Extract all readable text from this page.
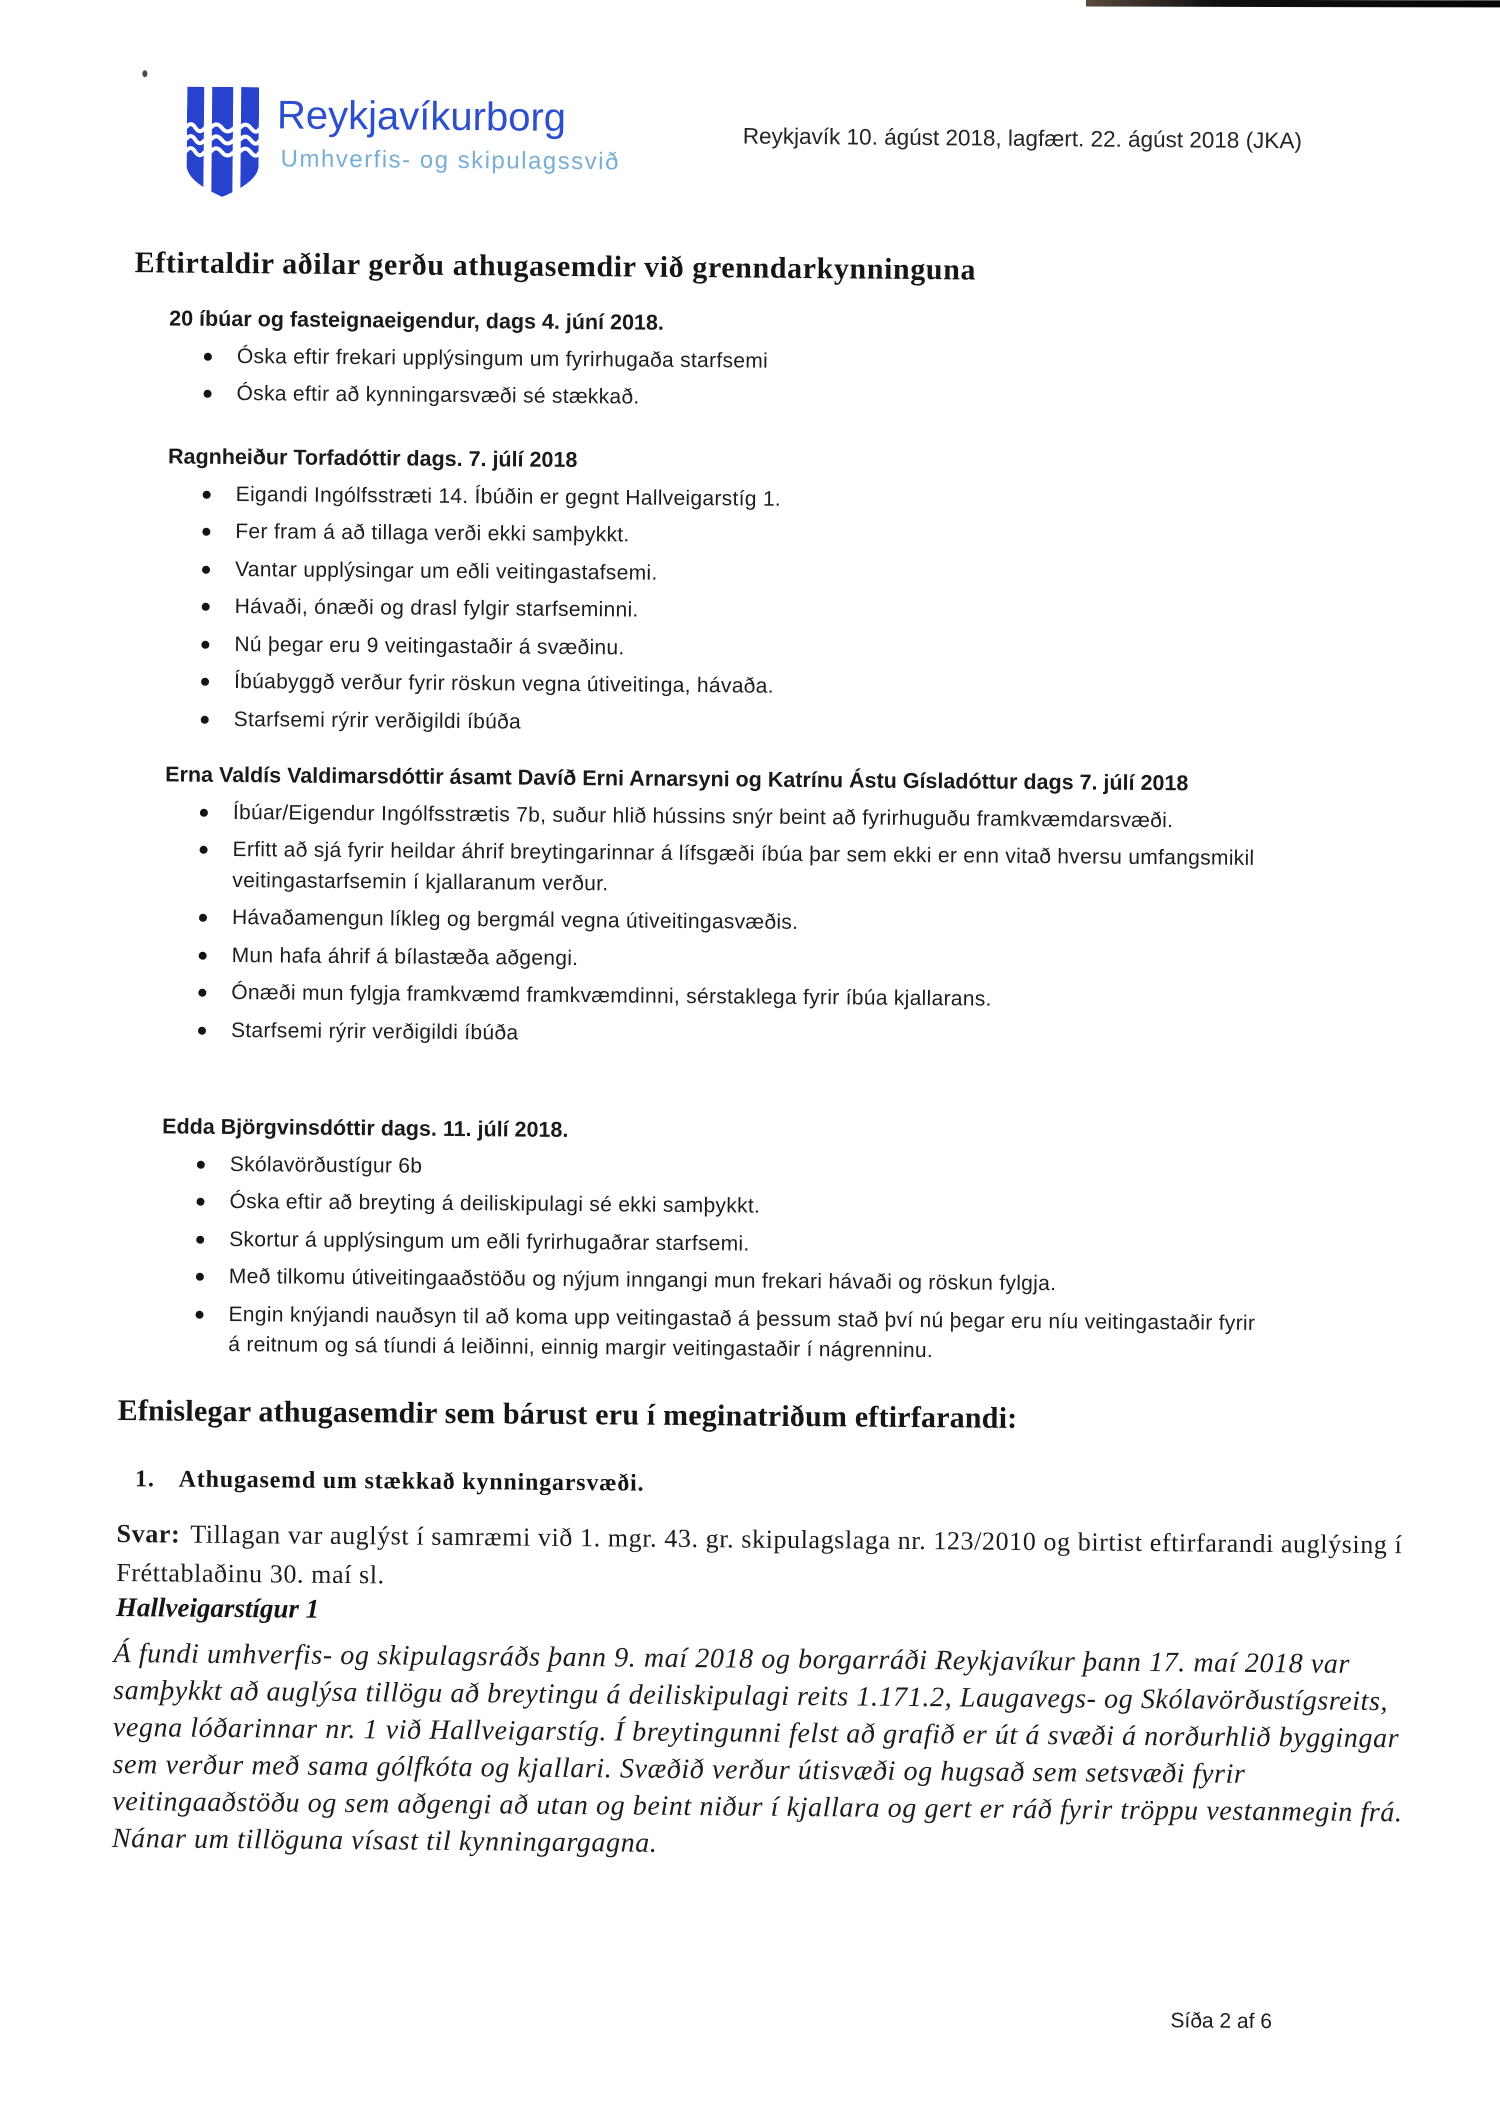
Reykjavíkurborg
Umhverfis- og skipulagssvið
Reykjavík 10. ágúst 2018, lagfært. 22. ágúst 2018 (JKA)
Eftirtaldir aðilar gerðu athugasemdir við grenndarkynninguna
20 íbúar og fasteignaeigendur, dags 4. júní 2018.
Óska eftir frekari upplýsingum um fyrirhugaða starfsemi
Óska eftir að kynningarsvæði sé stækkað.
Ragnheiður Torfadóttir dags. 7. júlí 2018
Eigandi Ingólfsstræti 14. Íbúðin er gegnt Hallveigarstíg 1.
Fer fram á að tillaga verði ekki samþykkt.
Vantar upplýsingar um eðli veitingastafsemi.
Hávaði, ónæði og drasl fylgir starfseminni.
Nú þegar eru 9 veitingastaðir á svæðinu.
Íbúabyggð verður fyrir röskun vegna útiveitinga, hávaða.
Starfsemi rýrir verðigildi íbúða
Erna Valdís Valdimarsdóttir ásamt Davíð Erni Arnarsyni og Katrínu Ástu Gísladóttur dags 7. júlí 2018
Íbúar/Eigendur Ingólfsstrætis 7b, suður hlið hússins snýr beint að fyrirhuguðu framkvæmdarsvæði.
Erfitt að sjá fyrir heildar áhrif breytingarinnar á lífsgæði íbúa þar sem ekki er enn vitað hversu umfangsmikil veitingastarfsemin í kjallaranum verður.
Hávaðamengun líkleg og bergmál vegna útiveitingasvæðis.
Mun hafa áhrif á bílastæða aðgengi.
Ónæði mun fylgja framkvæmd framkvæmdinni, sérstaklega fyrir íbúa kjallarans.
Starfsemi rýrir verðigildi íbúða
Edda Björgvinsdóttir dags. 11. júlí 2018.
Skólavörðustígur 6b
Óska eftir að breyting á deiliskipulagi sé ekki samþykkt.
Skortur á upplýsingum um eðli fyrirhugaðrar starfsemi.
Með tilkomu útiveitingaaðstöðu og nýjum inngangi mun frekari hávaði og röskun fylgja.
Engin knýjandi nauðsyn til að koma upp veitingastað á þessum stað því nú þegar eru níu veitingastaðir fyrir á reitnum og sá tíundi á leiðinni, einnig margir veitingastaðir í nágrenninu.
Efnislegar athugasemdir sem bárust eru í meginatriðum eftirfarandi:
1. Athugasemd um stækkað kynningarsvæði.
Svar: Tillagan var auglýst í samræmi við 1. mgr. 43. gr. skipulagslaga nr. 123/2010 og birtist eftirfarandi auglýsing í Fréttablaðinu 30. maí sl.
Hallveigarstígur 1
Á fundi umhverfis- og skipulagsráðs þann 9. maí 2018 og borgarráði Reykjavíkur þann 17. maí 2018 var samþykkt að auglýsa tillögu að breytingu á deiliskipulagi reits 1.171.2, Laugavegs- og Skólavörðustígsreits, vegna lóðarinnar nr. 1 við Hallveigarstíg. Í breytingunni felst að grafið er út á svæði á norðurhlið byggingar sem verður með sama gólfkóta og kjallari. Svæðið verður útisvæði og hugsað sem setsvæði fyrir veitingaaðstöðu og sem aðgengi að utan og beint niður í kjallara og gert er ráð fyrir tröppu vestanmegin frá. Nánar um tillöguna vísast til kynningargagna.
Síða 2 af 6
